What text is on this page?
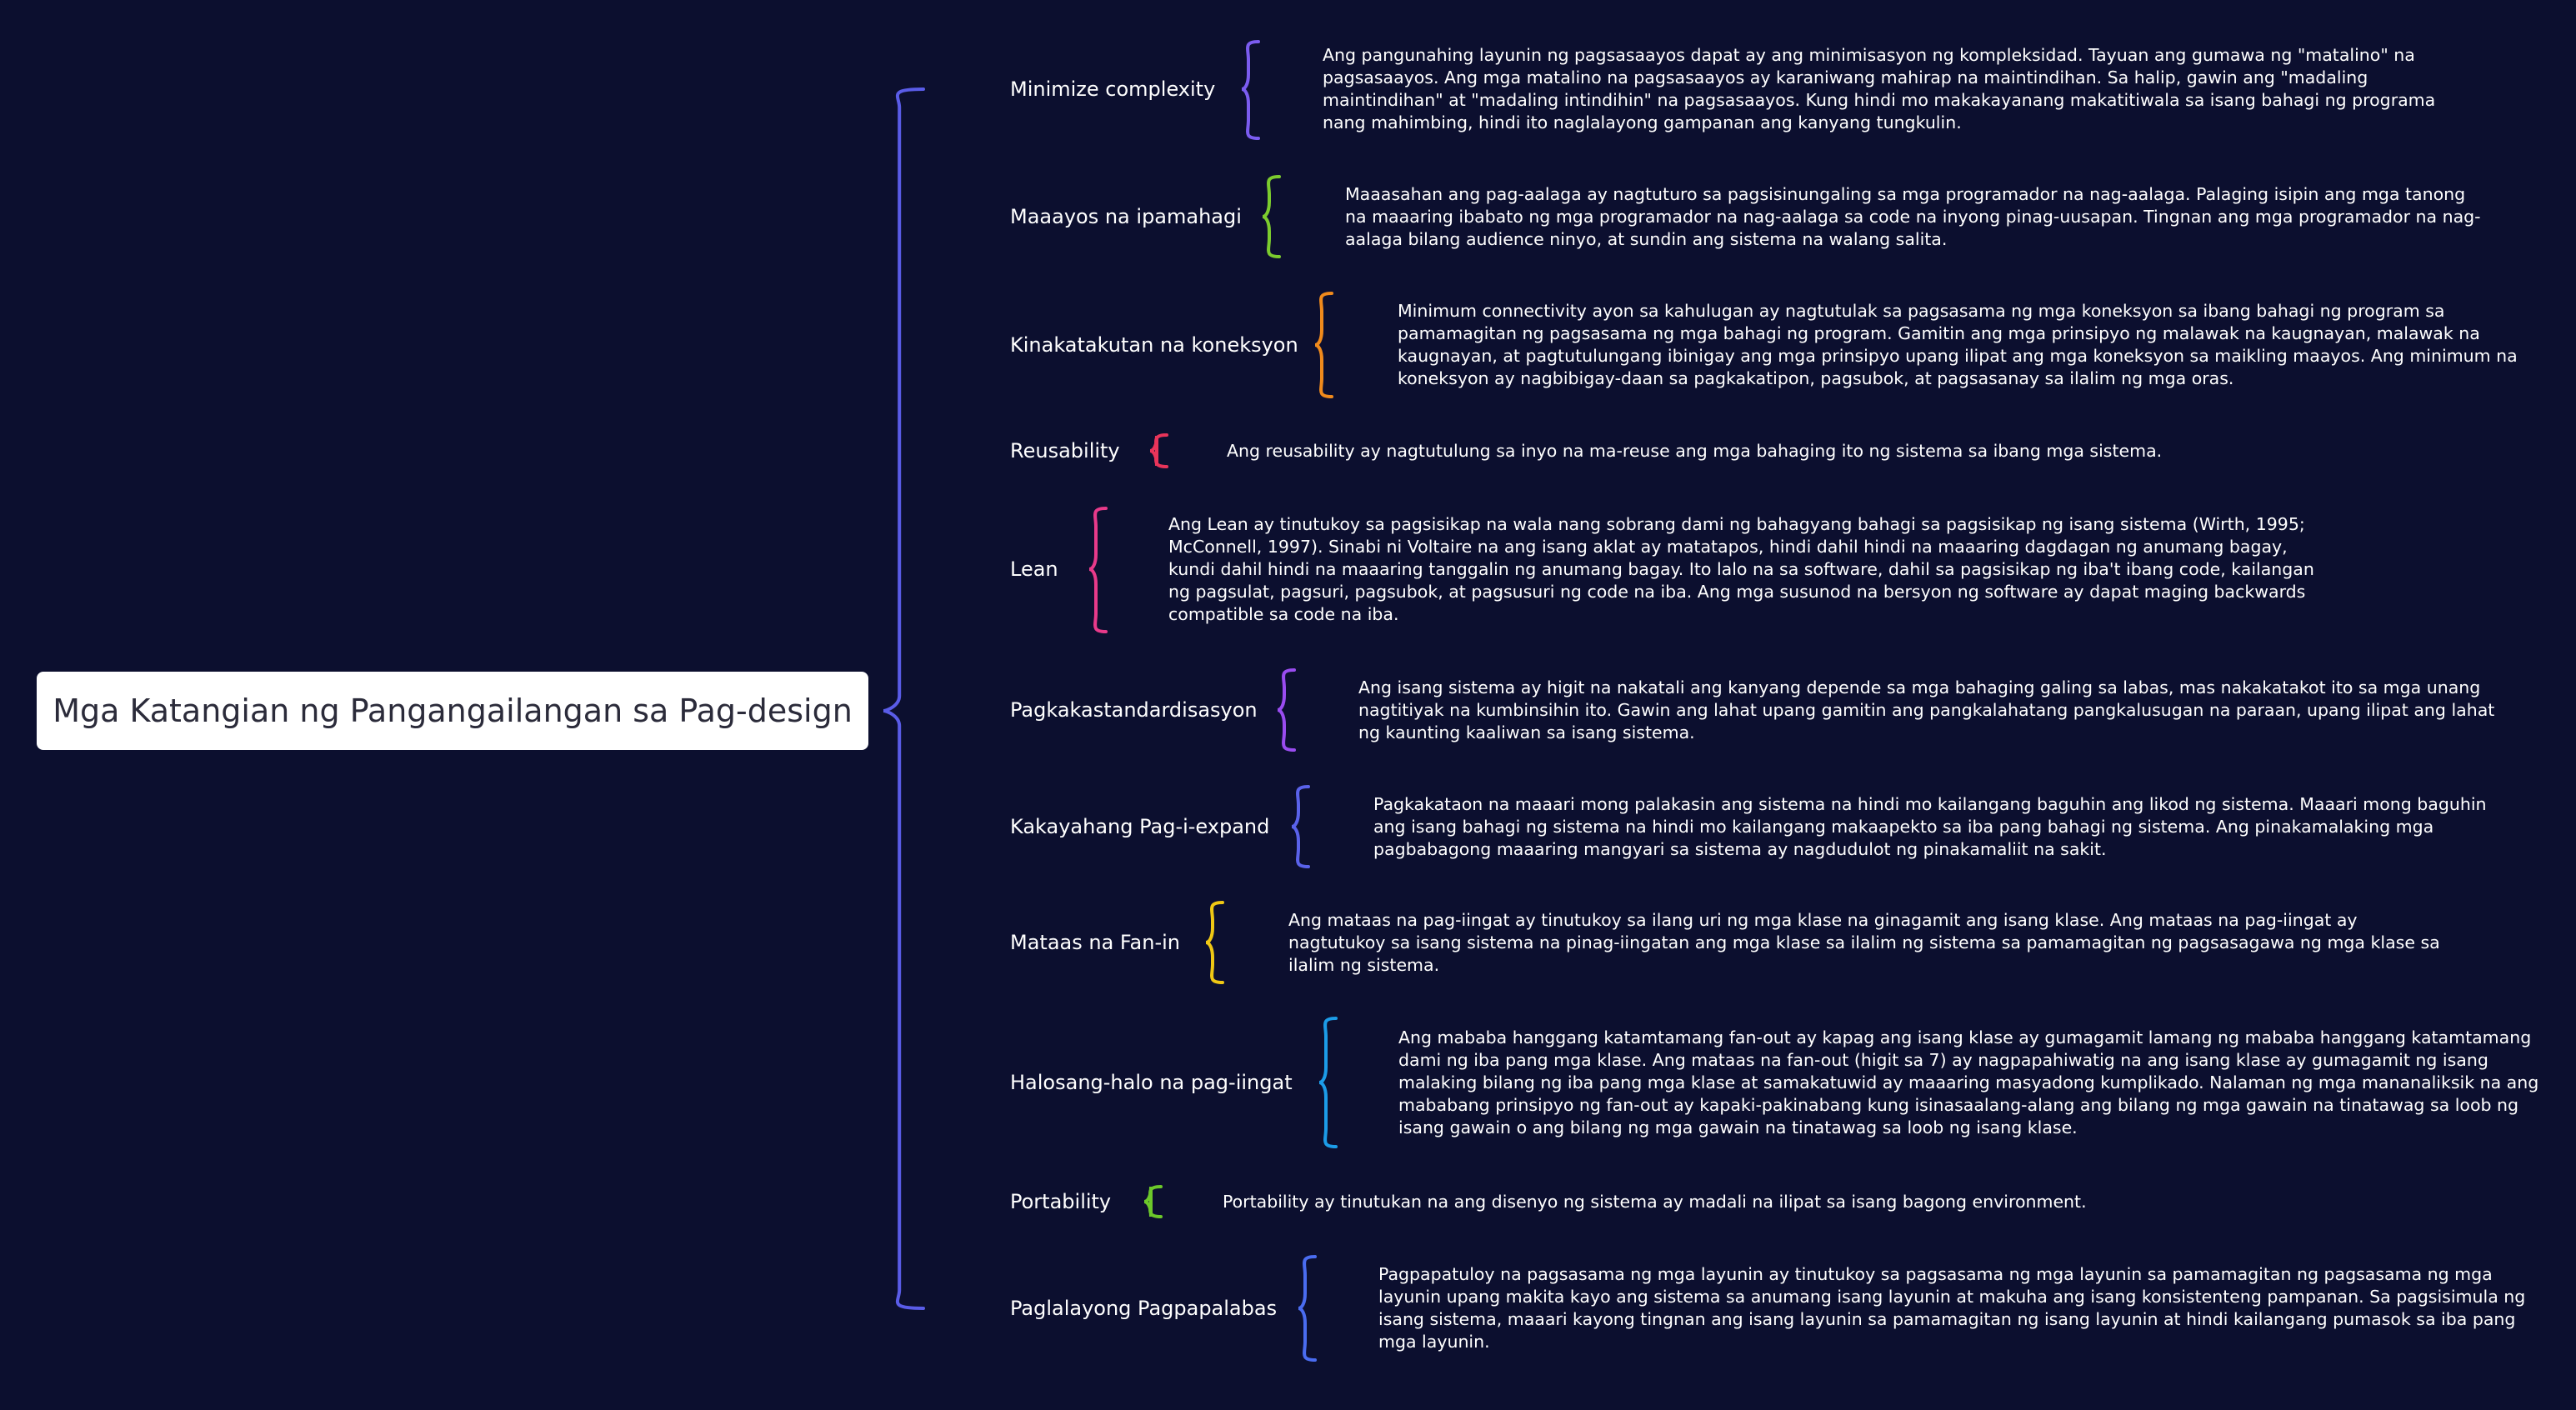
Mga Katangian ng Pangangailangan sa Pag-design
Minimize complexity
Ang pangunahing layunin ng pagsasaayos dapat ay ang minimisasyon ng kompleksidad. Tayuan ang gumawa ng "matalino" na
pagsasaayos. Ang mga matalino na pagsasaayos ay karaniwang mahirap na maintindihan. Sa halip, gawin ang "madaling
maintindihan" at "madaling intindihin" na pagsasaayos. Kung hindi mo makakayanang makatitiwala sa isang bahagi ng programa
nang mahimbing, hindi ito naglalayong gampanan ang kanyang tungkulin.
Maaayos na ipamahagi
Maaasahan ang pag-aalaga ay nagtuturo sa pagsisinungaling sa mga programador na nag-aalaga. Palaging isipin ang mga tanong
na maaaring ibabato ng mga programador na nag-aalaga sa code na inyong pinag-uusapan. Tingnan ang mga programador na nag-
aalaga bilang audience ninyo, at sundin ang sistema na walang salita.
Kinakatakutan na koneksyon
Minimum connectivity ayon sa kahulugan ay nagtutulak sa pagsasama ng mga koneksyon sa ibang bahagi ng program sa
pamamagitan ng pagsasama ng mga bahagi ng program. Gamitin ang mga prinsipyo ng malawak na kaugnayan, malawak na
kaugnayan, at pagtutulungang ibinigay ang mga prinsipyo upang ilipat ang mga koneksyon sa maikling maayos. Ang minimum na
koneksyon ay nagbibigay-daan sa pagkakatipon, pagsubok, at pagsasanay sa ilalim ng mga oras.
Reusability	Ang reusability ay nagtutulung sa inyo na ma-reuse ang mga bahaging ito ng sistema sa ibang mga sistema.
Lean
Ang Lean ay tinutukoy sa pagsisikap na wala nang sobrang dami ng bahagyang bahagi sa pagsisikap ng isang sistema (Wirth, 1995;
McConnell, 1997). Sinabi ni Voltaire na ang isang aklat ay matatapos, hindi dahil hindi na maaaring dagdagan ng anumang bagay,
kundi dahil hindi na maaaring tanggalin ng anumang bagay. Ito lalo na sa software, dahil sa pagsisikap ng iba't ibang code, kailangan
ng pagsulat, pagsuri, pagsubok, at pagsusuri ng code na iba. Ang mga susunod na bersyon ng software ay dapat maging backwards
compatible sa code na iba.
Pagkakastandardisasyon
Ang isang sistema ay higit na nakatali ang kanyang depende sa mga bahaging galing sa labas, mas nakakatakot ito sa mga unang
nagtitiyak na kumbinsihin ito. Gawin ang lahat upang gamitin ang pangkalahatang pangkalusugan na paraan, upang ilipat ang lahat
ng kaunting kaaliwan sa isang sistema.
Kakayahang Pag-i-expand
Pagkakataon na maaari mong palakasin ang sistema na hindi mo kailangang baguhin ang likod ng sistema. Maaari mong baguhin
ang isang bahagi ng sistema na hindi mo kailangang makaapekto sa iba pang bahagi ng sistema. Ang pinakamalaking mga
pagbabagong maaaring mangyari sa sistema ay nagdudulot ng pinakamaliit na sakit.
Mataas na Fan-in
Ang mataas na pag-iingat ay tinutukoy sa ilang uri ng mga klase na ginagamit ang isang klase. Ang mataas na pag-iingat ay
nagtutukoy sa isang sistema na pinag-iingatan ang mga klase sa ilalim ng sistema sa pamamagitan ng pagsasagawa ng mga klase sa
ilalim ng sistema.
Halosang-halo na pag-iingat
Ang mababa hanggang katamtamang fan-out ay kapag ang isang klase ay gumagamit lamang ng mababa hanggang katamtamang
dami ng iba pang mga klase. Ang mataas na fan-out (higit sa 7) ay nagpapahiwatig na ang isang klase ay gumagamit ng isang
malaking bilang ng iba pang mga klase at samakatuwid ay maaaring masyadong kumplikado. Nalaman ng mga mananaliksik na ang
mababang prinsipyo ng fan-out ay kapaki-pakinabang kung isinasaalang-alang ang bilang ng mga gawain na tinatawag sa loob ng
isang gawain o ang bilang ng mga gawain na tinatawag sa loob ng isang klase.
Portability	Portability ay tinutukan na ang disenyo ng sistema ay madali na ilipat sa isang bagong environment.
Paglalayong Pagpapalabas
Pagpapatuloy na pagsasama ng mga layunin ay tinutukoy sa pagsasama ng mga layunin sa pamamagitan ng pagsasama ng mga
layunin upang makita kayo ang sistema sa anumang isang layunin at makuha ang isang konsistenteng pampanan. Sa pagsisimula ng
isang sistema, maaari kayong tingnan ang isang layunin sa pamamagitan ng isang layunin at hindi kailangang pumasok sa iba pang
mga layunin.
